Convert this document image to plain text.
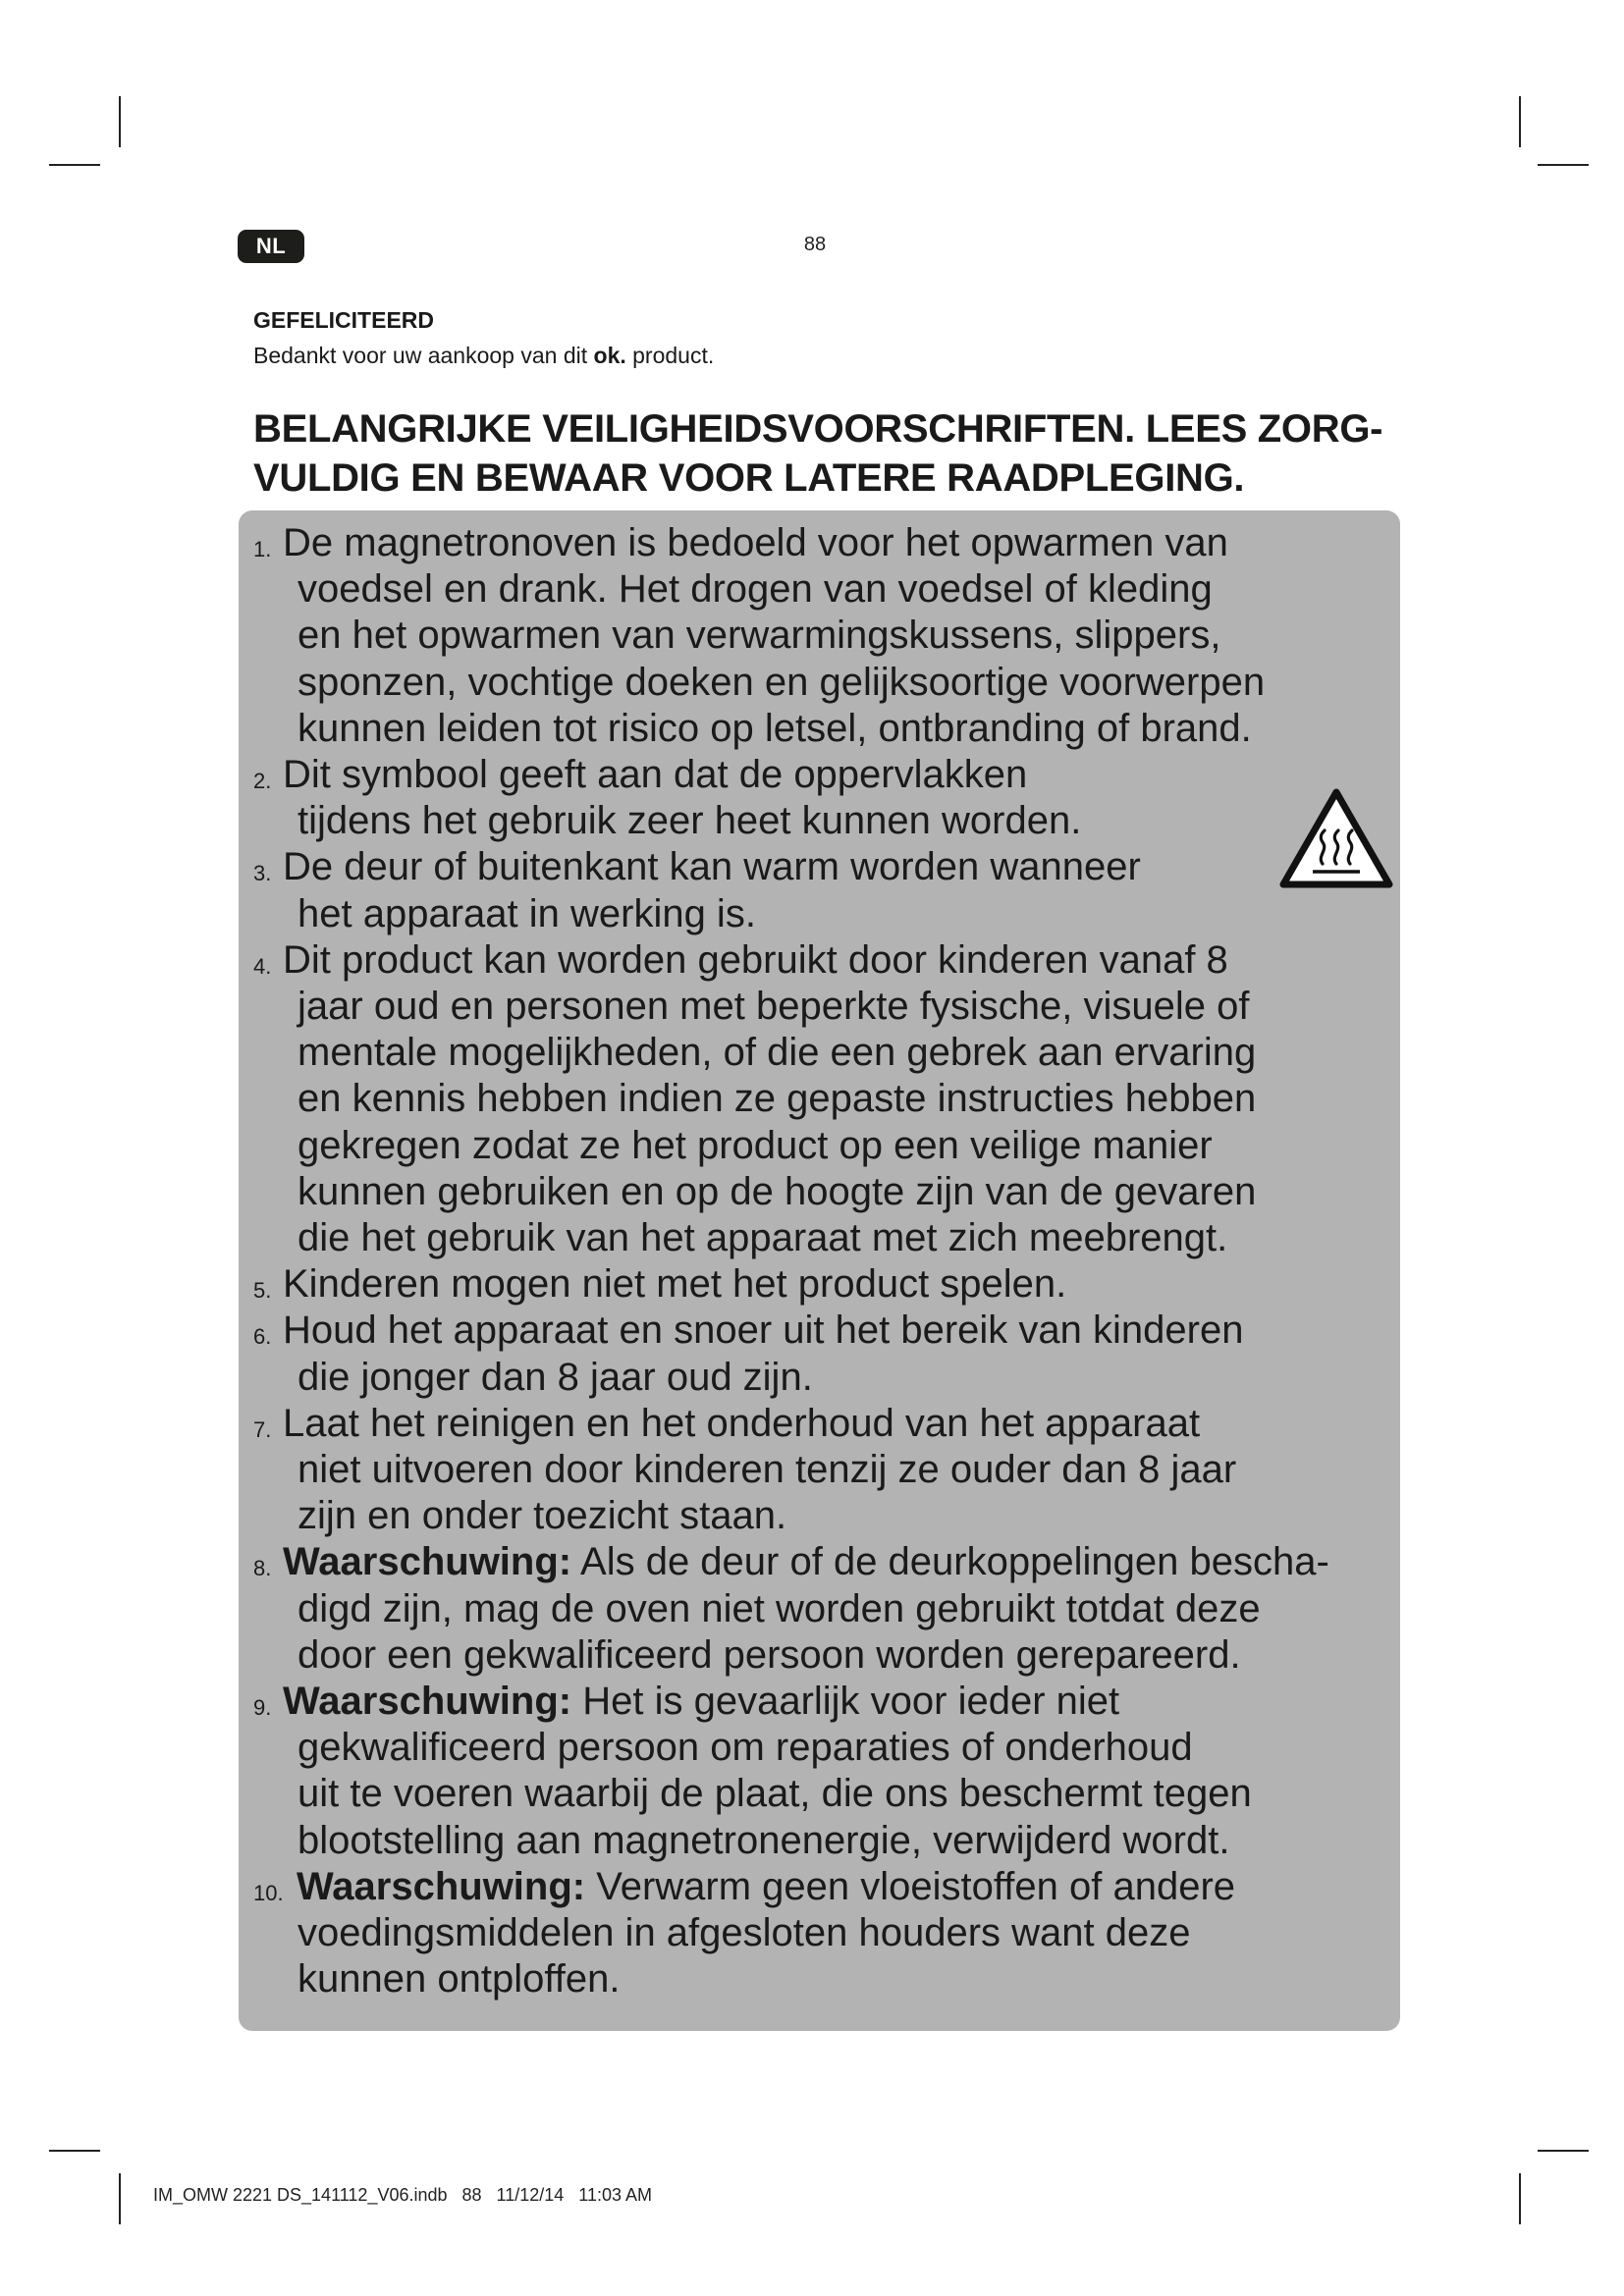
NL	88
GEFELICITEERD
Bedankt voor uw aankoop van dit ok. product.
BELANGRIJKE VEILIGHEIDSVOORSCHRIFTEN. LEES ZORG-
VULDIG EN BEWAAR VOOR LATERE RAADPLEGING.
1. De magnetronoven is bedoeld voor het opwarmen van
voedsel en drank. Het drogen van voedsel of kleding
en het opwarmen van verwarmingskussens, slippers,
sponzen, vochtige doeken en gelijksoortige voorwerpen
kunnen leiden tot risico op letsel, ontbranding of brand.
2. Dit symbool geeft aan dat de oppervlakken
tijdens het gebruik zeer heet kunnen worden.
3. De deur of buitenkant kan warm worden wanneer
het apparaat in werking is.
4. Dit product kan worden gebruikt door kinderen vanaf 8
jaar oud en personen met beperkte fysische, visuele of
mentale mogelijkheden, of die een gebrek aan ervaring
en kennis hebben indien ze gepaste instructies hebben
gekregen zodat ze het product op een veilige manier
kunnen gebruiken en op de hoogte zijn van de gevaren
die het gebruik van het apparaat met zich meebrengt.
5. Kinderen mogen niet met het product spelen.
6. Houd het apparaat en snoer uit het bereik van kinderen
die jonger dan 8 jaar oud zijn.
7. Laat het reinigen en het onderhoud van het apparaat
niet uitvoeren door kinderen tenzij ze ouder dan 8 jaar
zijn en onder toezicht staan.
8. Waarschuwing: Als de deur of de deurkoppelingen bescha-
digd zijn, mag de oven niet worden gebruikt totdat deze
door een gekwalificeerd persoon worden gerepareerd.
9. Waarschuwing: Het is gevaarlijk voor ieder niet
gekwalificeerd persoon om reparaties of onderhoud
uit te voeren waarbij de plaat, die ons beschermt tegen
blootstelling aan magnetronenergie, verwijderd wordt.
10. Waarschuwing: Verwarm geen vloeistoffen of andere
voedingsmiddelen in afgesloten houders want deze
kunnen ontploffen.
IM_OMW 2221 DS_141112_V06.indb   88   11/12/14   11:03 AM
